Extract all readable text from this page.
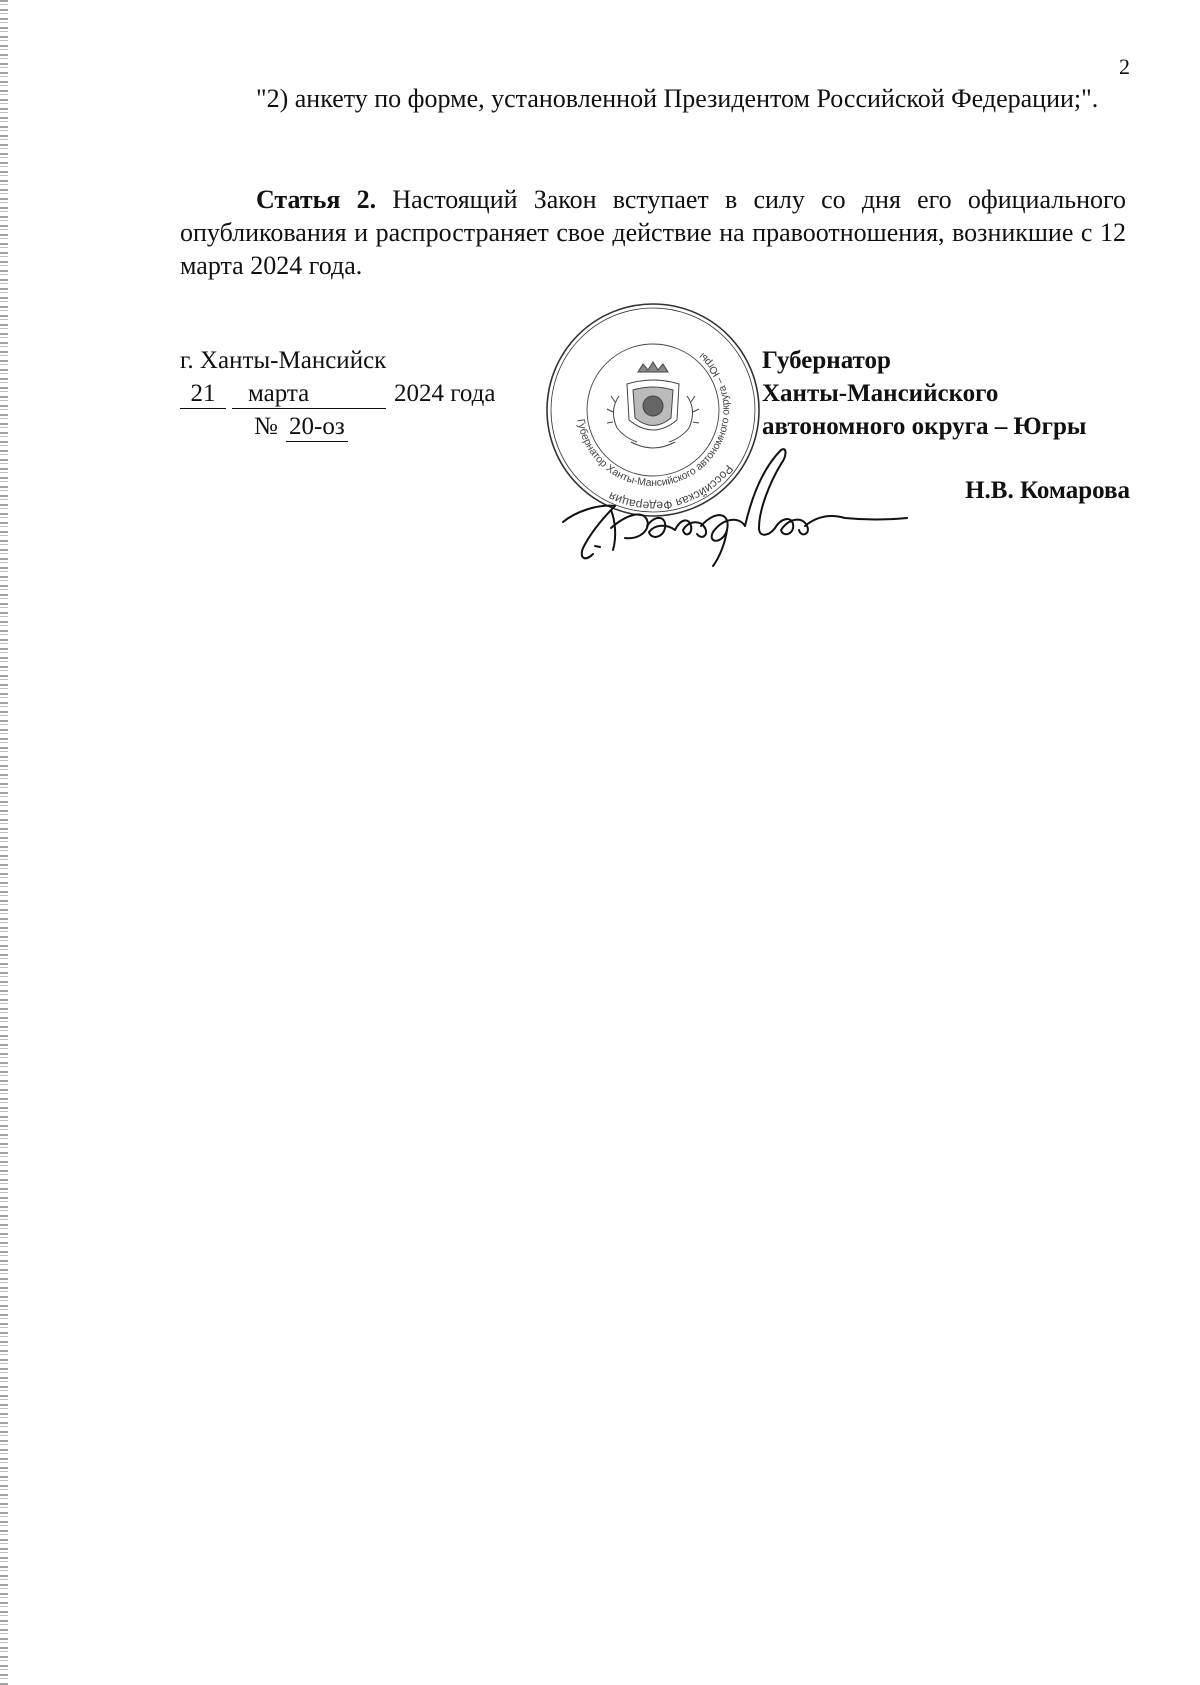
2

"2) анкету по форме, установленной Президентом Российской Федерации;".

Статья 2. Настоящий Закон вступает в силу со дня его официального опубликования и распространяет свое действие на правоотношения, возникшие с 12 марта 2024 года.

г. Ханты-Мансийск
21 марта	2024 года
№ 20-оз
Российская Федерация
Губернатор Ханты-Мансийского автономного округа – Югры	Губернатор
Ханты-Мансийского
автономного округа – Югры
Н.В. Комарова
